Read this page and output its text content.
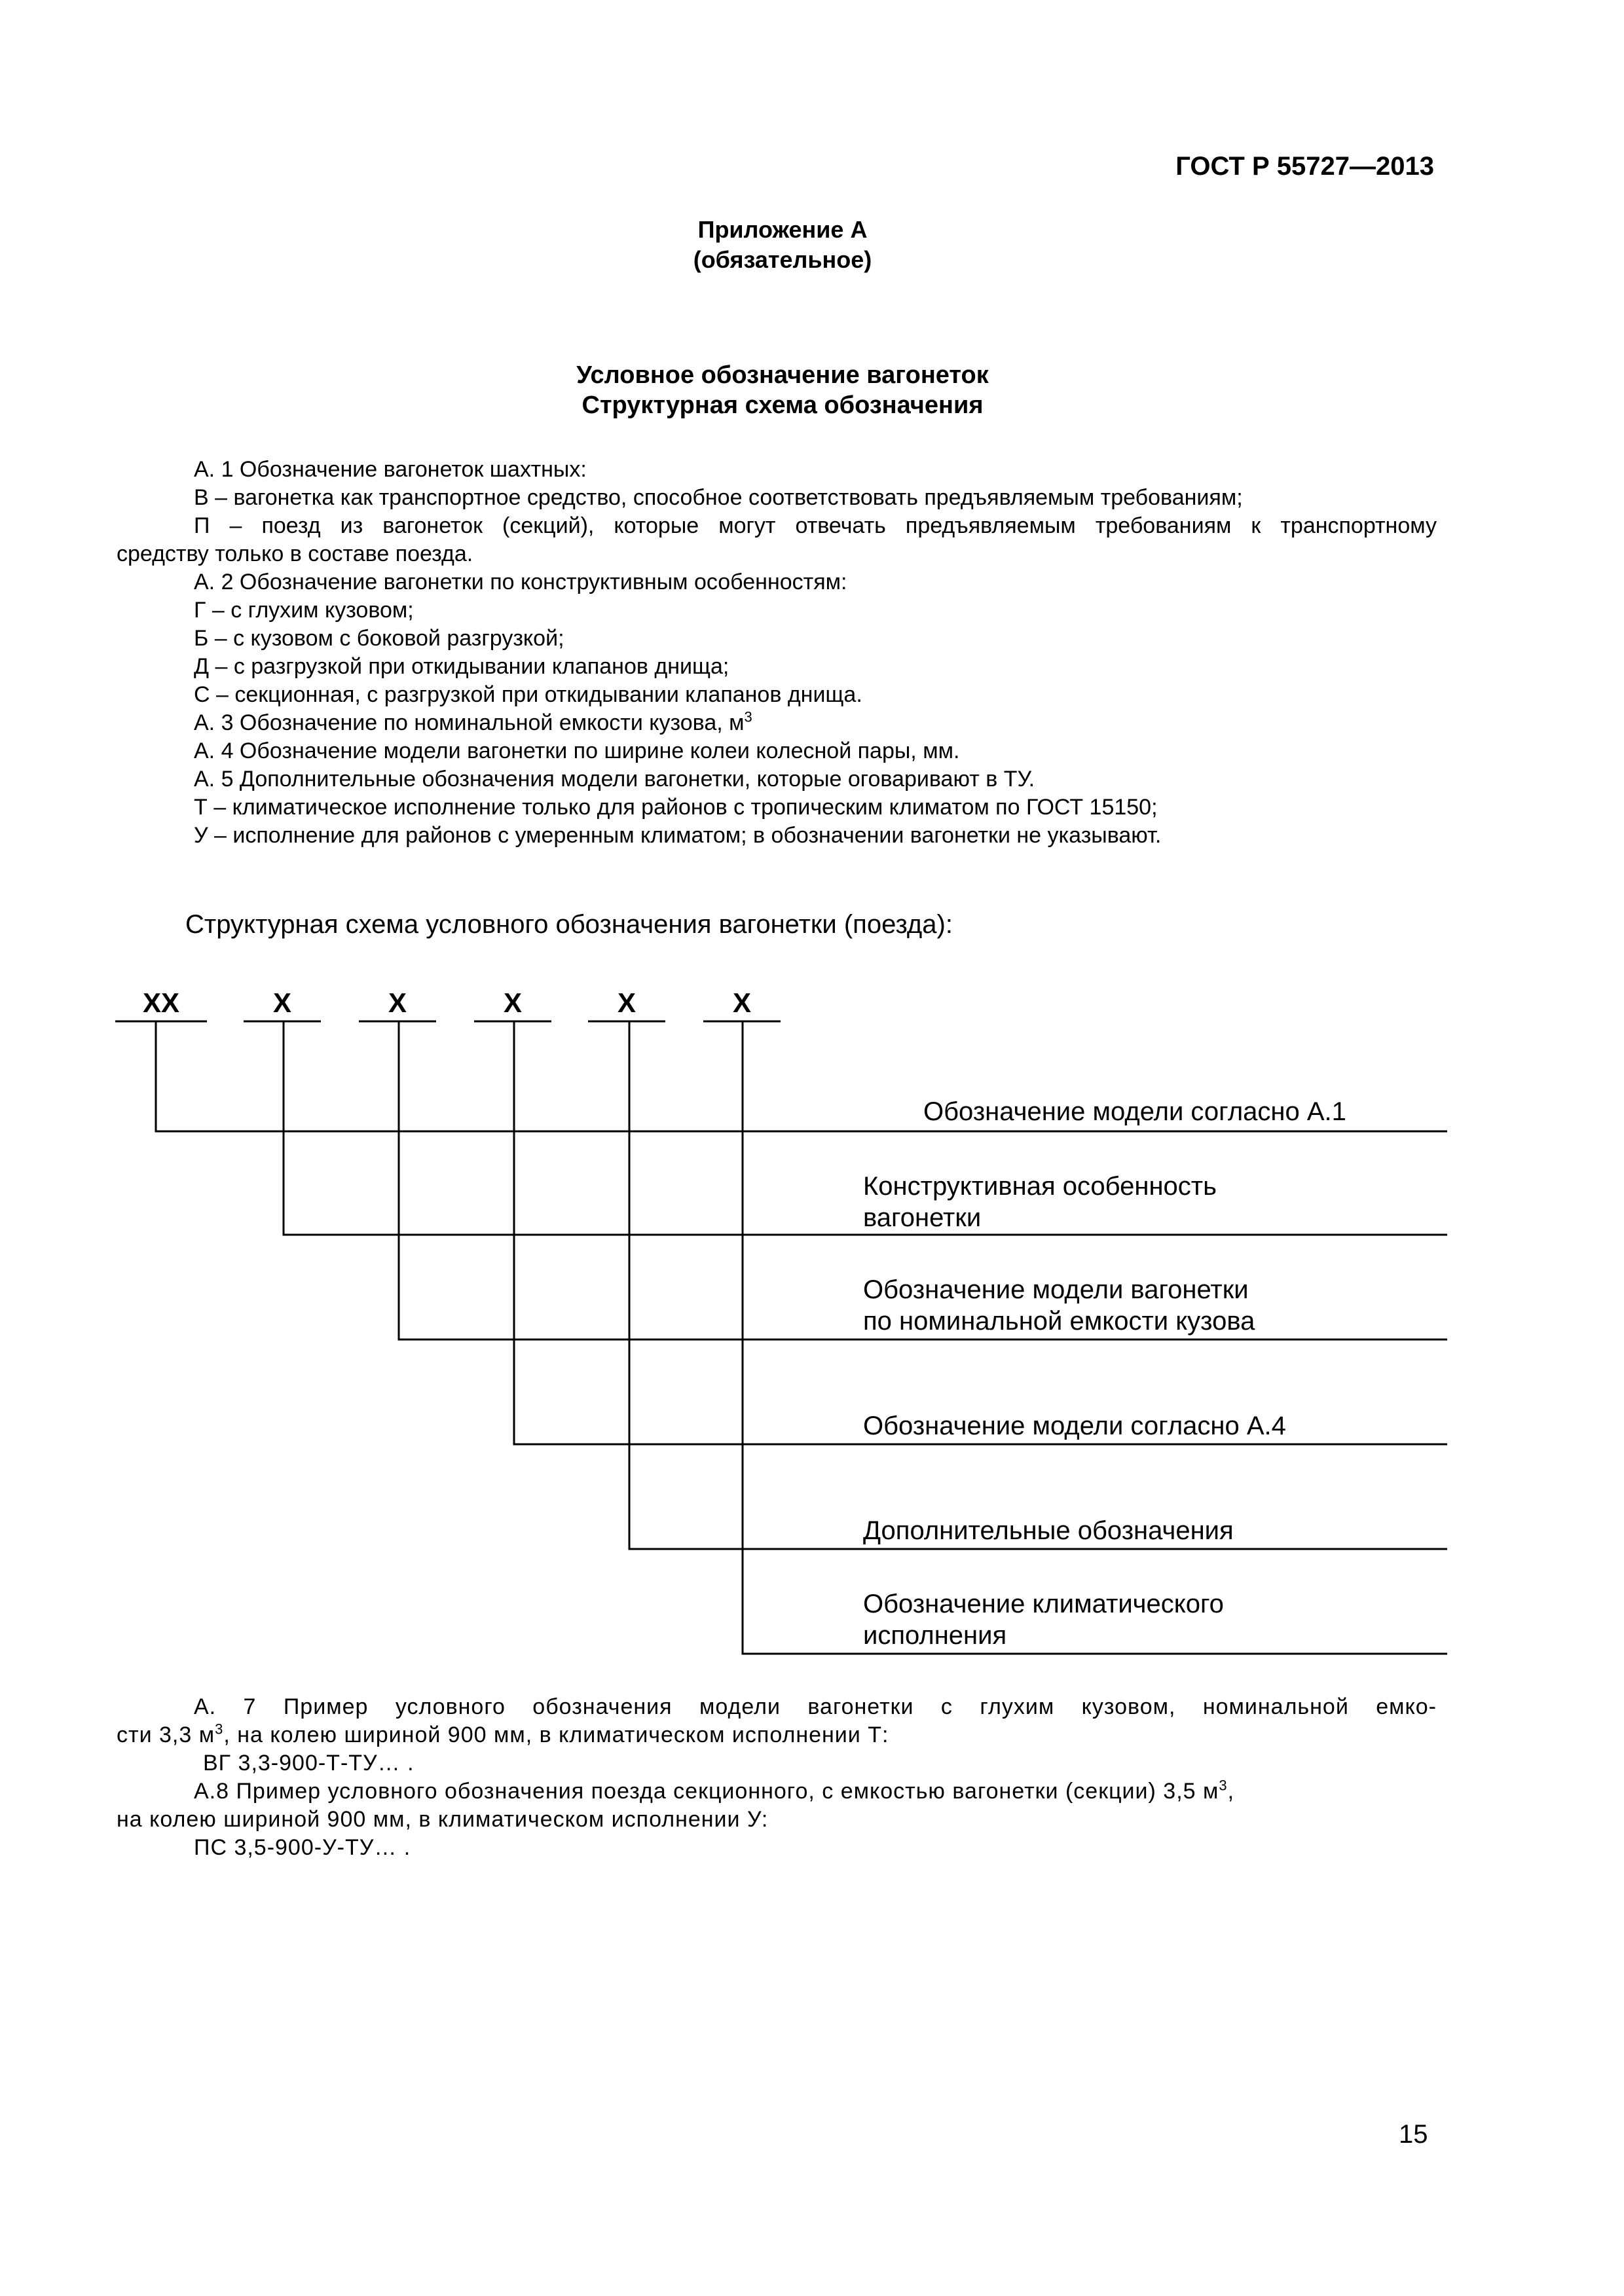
ГОСТ Р 55727—2013
Приложение А
(обязательное)
Условное обозначение вагонеток
Структурная схема обозначения
А. 1 Обозначение вагонеток шахтных:
В – вагонетка как транспортное средство, способное соответствовать предъявляемым требованиям;
П – поезд из вагонеток (секций), которые могут отвечать предъявляемым требованиям к транспортному
средству только в составе поезда.
А. 2 Обозначение вагонетки по конструктивным особенностям:
Г – с глухим кузовом;
Б – с кузовом с боковой разгрузкой;
Д – с разгрузкой при откидывании клапанов днища;
С – секционная, с разгрузкой при откидывании клапанов днища.
А. 3 Обозначение по номинальной емкости кузова, $м^3$
А. 4 Обозначение модели вагонетки по ширине колеи колесной пары, мм.
А. 5 Дополнительные обозначения модели вагонетки, которые оговаривают в ТУ.
Т – климатическое исполнение только для районов с тропическим климатом по ГОСТ 15150;
У – исполнение для районов с умеренным климатом; в обозначении вагонетки не указывают.
Структурная схема условного обозначения вагонетки (поезда):
ХХ	Х	Х	Х	Х	Х
Обозначение модели согласно А.1
Конструктивная особенность
вагонетки
Обозначение модели вагонетки
по номинальной емкости кузова
Обозначение модели согласно А.4
Дополнительные обозначения
Обозначение климатического
исполнения
А. 7 Пример условного обозначения модели вагонетки с глухим кузовом, номинальной емко-
сти 3,3 $м^3$, на колею шириной 900 мм, в климатическом исполнении Т:
ВГ 3,3-900-Т-ТУ… .
А.8 Пример условного обозначения поезда секционного, с емкостью вагонетки (секции) 3,5 $м^3$,
на колею шириной 900 мм, в климатическом исполнении У:
ПС 3,5-900-У-ТУ… .
15
